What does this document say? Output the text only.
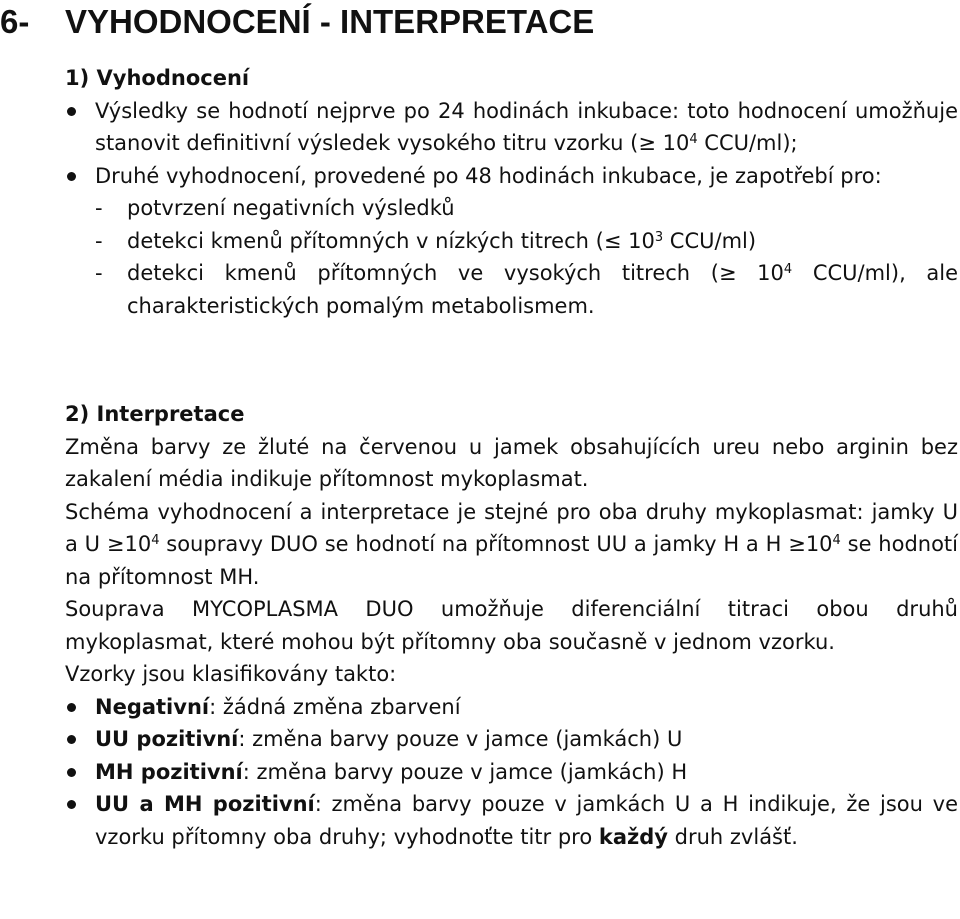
6- VYHODNOCENÍ - INTERPRETACE
1) Vyhodnocení
Výsledky se hodnotí nejprve po 24 hodinách inkubace: toto hodnocení umožňuje stanovit definitivní výsledek vysokého titru vzorku (≥ $10^4$ CCU/ml);
Druhé vyhodnocení, provedené po 48 hodinách inkubace, je zapotřebí pro:
- potvrzení negativních výsledků
- detekci kmenů přítomných v nízkých titrech (≤ $10^3$ CCU/ml)
- detekci kmenů přítomných ve vysokých titrech (≥ $10^4$ CCU/ml), ale charakteristických pomalým metabolismem.
2) Interpretace
Změna barvy ze žluté na červenou u jamek obsahujících ureu nebo arginin bez zakalení média indikuje přítomnost mykoplasmat.
Schéma vyhodnocení a interpretace je stejné pro oba druhy mykoplasmat: jamky U a $U \ge 10^4$ soupravy DUO se hodnotí na přítomnost UU a jamky H a $H \ge 10^4$ se hodnotí na přítomnost MH.
Souprava MYCOPLASMA DUO umožňuje diferenciální titraci obou druhů mykoplasmat, které mohou být přítomny oba současně v jednom vzorku.
Vzorky jsou klasifikovány takto:
Negativní: žádná změna zbarvení
UU pozitivní: změna barvy pouze v jamce (jamkách) U
MH pozitivní: změna barvy pouze v jamce (jamkách) H
UU a MH pozitivní: změna barvy pouze v jamkách U a H indikuje, že jsou ve vzorku přítomny oba druhy; vyhodnoťte titr pro každý druh zvlášť.
